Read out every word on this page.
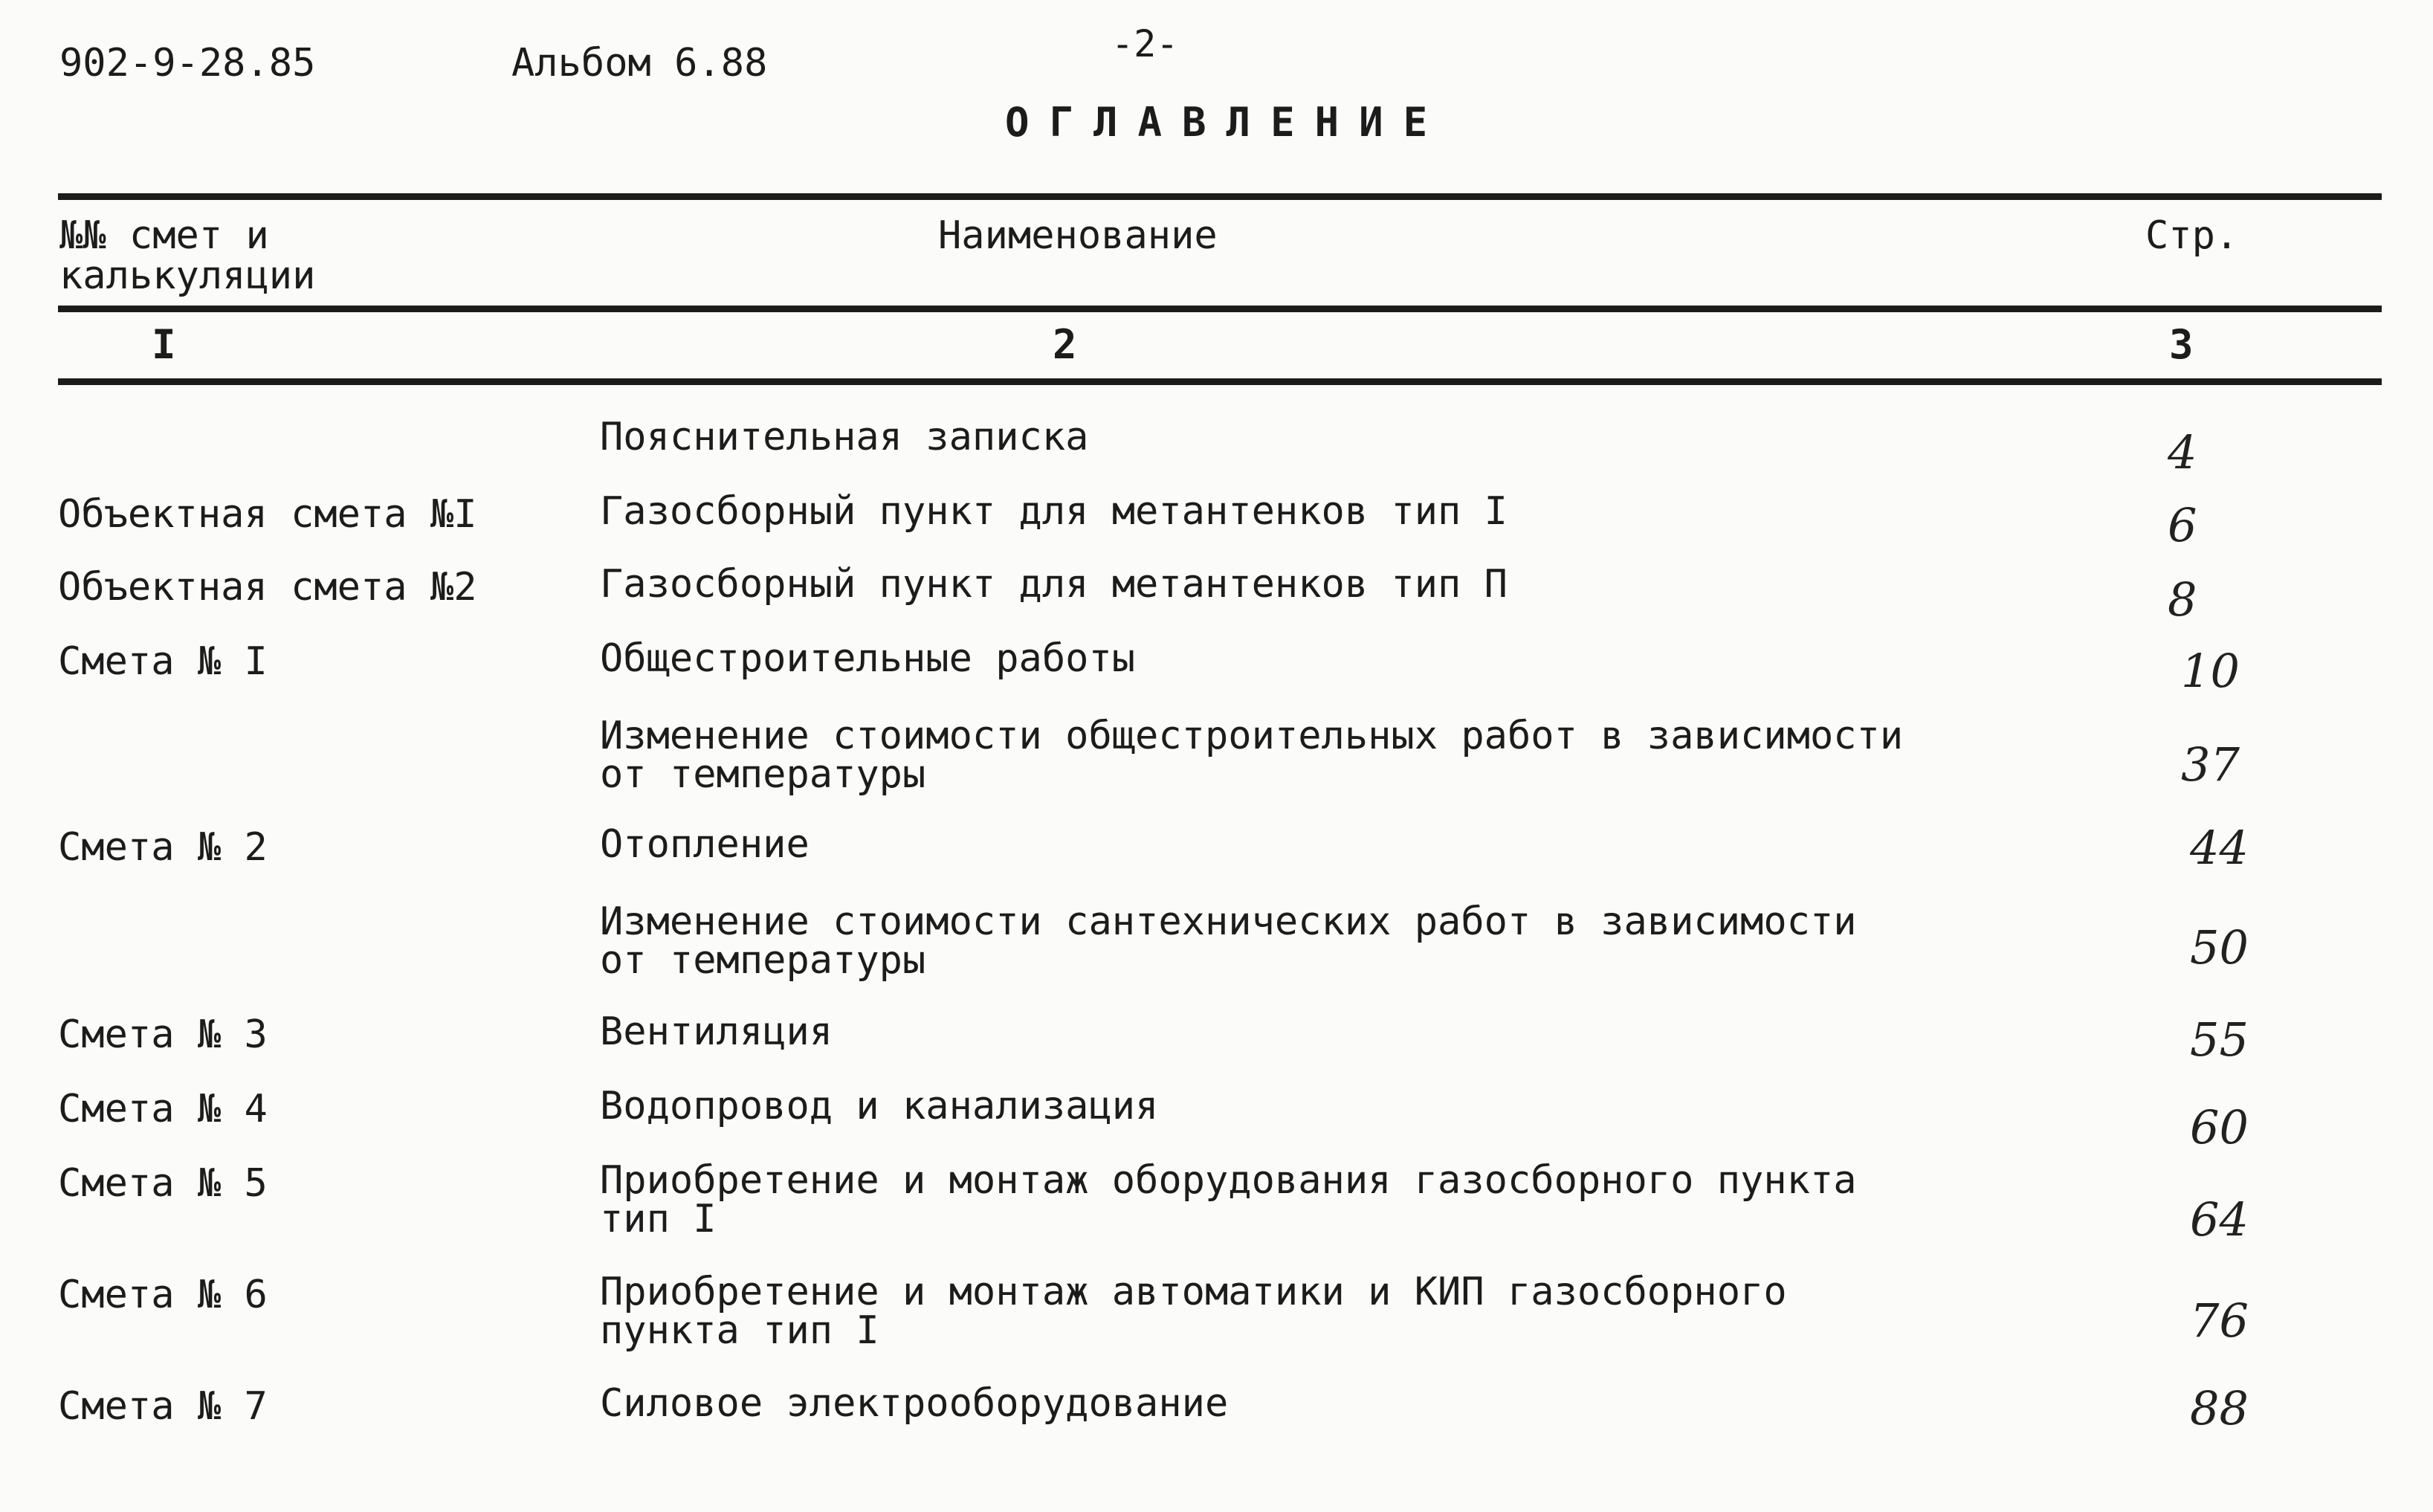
902-9-28.85	Альбом 6.88	-2-
ОГЛАВЛЕНИЕ
№№ смет и
калькуляции
Наименование	Стр.
I	2	3
Пояснительная записка	4
Объектная смета №I	Газосборный пункт для метантенков тип I	6
Объектная смета №2	Газосборный пункт для метантенков тип П	8
Смета № I	Общестроительные работы	10
Изменение стоимости общестроительных работ в зависимости
от температуры	37
Смета № 2	Отопление	44
Изменение стоимости сантехнических работ в зависимости
от температуры	50
Смета № 3	Вентиляция	55
Смета № 4	Водопровод и канализация	60
Смета № 5	Приобретение и монтаж оборудования газосборного пункта
тип I	64
Смета № 6	Приобретение и монтаж автоматики и КИП газосборного
пункта тип I	76
Смета № 7	Силовое электрооборудование	88
